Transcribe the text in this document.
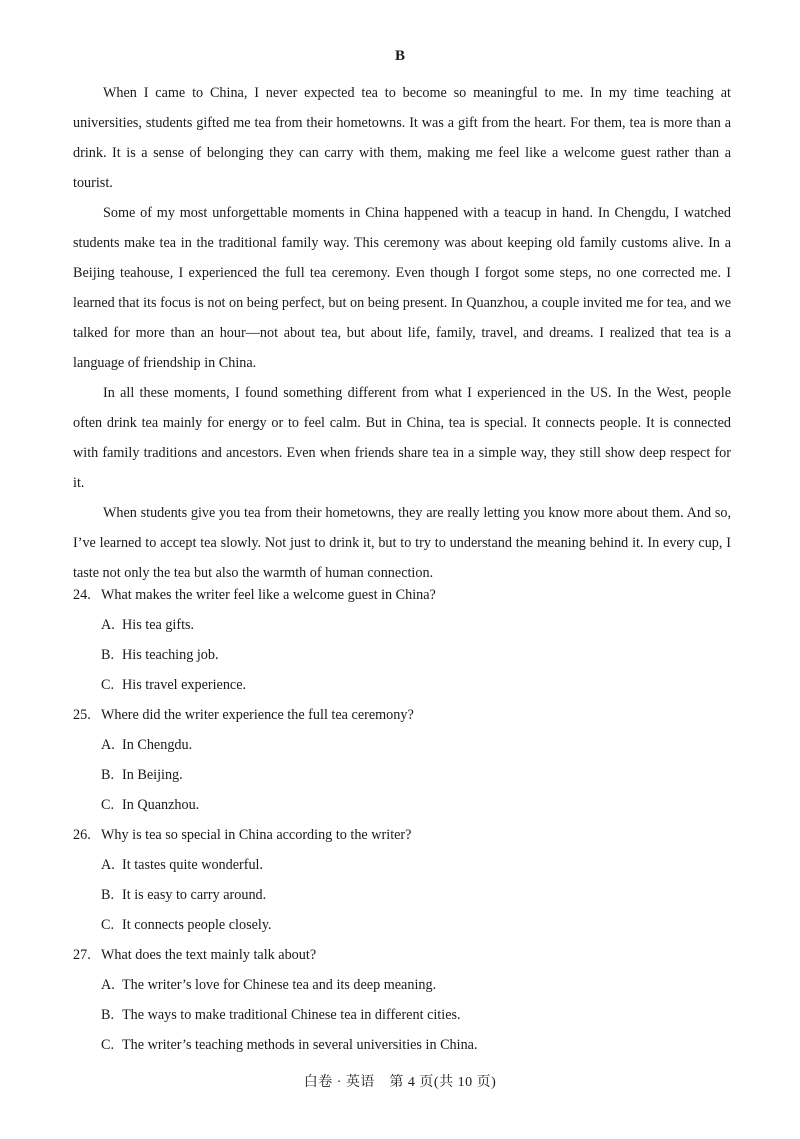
B

When I came to China, I never expected tea to become so meaningful to me. In my time teaching at universities, students gifted me tea from their hometowns. It was a gift from the heart. For them, tea is more than a drink. It is a sense of belonging they can carry with them, making me feel like a welcome guest rather than a tourist.

Some of my most unforgettable moments in China happened with a teacup in hand. In Chengdu, I watched students make tea in the traditional family way. This ceremony was about keeping old family customs alive. In a Beijing teahouse, I experienced the full tea ceremony. Even though I forgot some steps, no one corrected me. I learned that its focus is not on being perfect, but on being present. In Quanzhou, a couple invited me for tea, and we talked for more than an hour—not about tea, but about life, family, travel, and dreams. I realized that tea is a language of friendship in China.

In all these moments, I found something different from what I experienced in the US. In the West, people often drink tea mainly for energy or to feel calm. But in China, tea is special. It connects people. It is connected with family traditions and ancestors. Even when friends share tea in a simple way, they still show deep respect for it.

When students give you tea from their hometowns, they are really letting you know more about them. And so, I’ve learned to accept tea slowly. Not just to drink it, but to try to understand the meaning behind it. In every cup, I taste not only the tea but also the warmth of human connection.

24. What makes the writer feel like a welcome guest in China?
A. His tea gifts.
B. His teaching job.
C. His travel experience.
25. Where did the writer experience the full tea ceremony?
A. In Chengdu.
B. In Beijing.
C. In Quanzhou.
26. Why is tea so special in China according to the writer?
A. It tastes quite wonderful.
B. It is easy to carry around.
C. It connects people closely.
27. What does the text mainly talk about?
A. The writer’s love for Chinese tea and its deep meaning.
B. The ways to make traditional Chinese tea in different cities.
C. The writer’s teaching methods in several universities in China.
白卷 · 英语　第 4 页(共 10 页)
